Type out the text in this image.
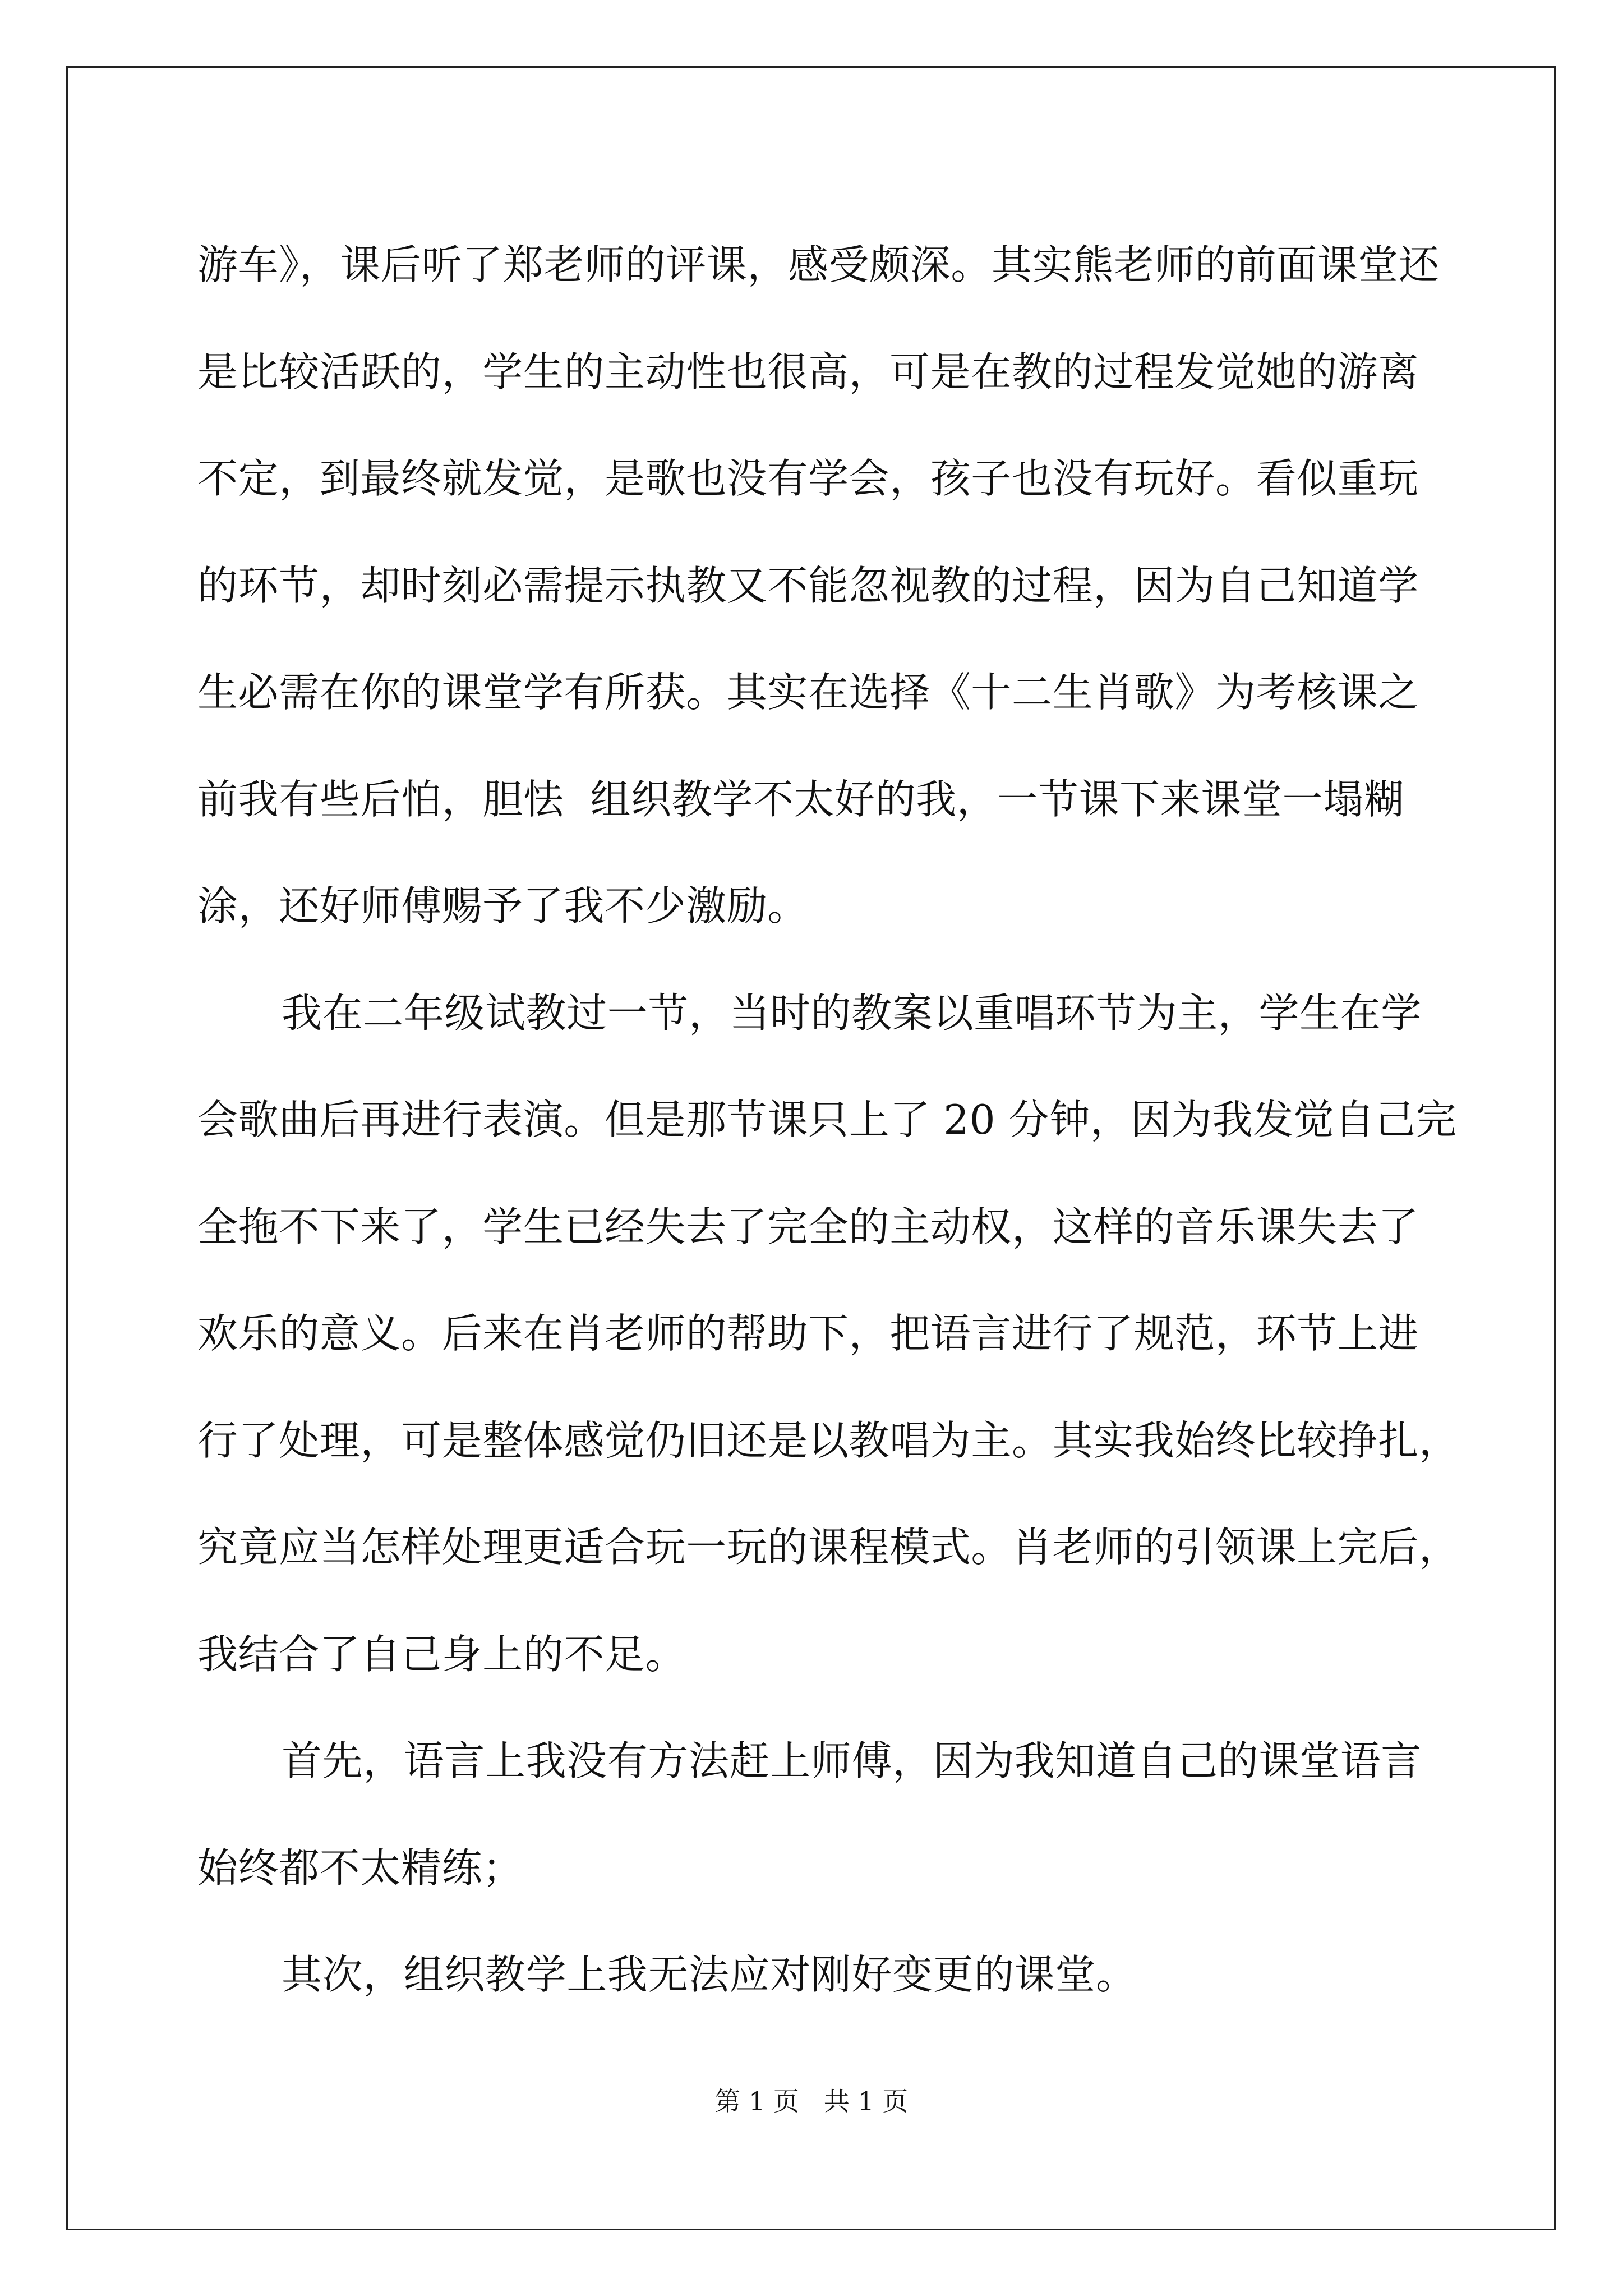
游车》，课后听了郑老师的评课，感受颇深。其实熊老师的前面课堂还
是比较活跃的，学生的主动性也很高，可是在教的过程发觉她的游离
不定，到最终就发觉，是歌也没有学会，孩子也没有玩好。看似重玩
的环节，却时刻必需提示执教又不能忽视教的过程，因为自己知道学
生必需在你的课堂学有所获。其实在选择《十二生肖歌》为考核课之
前我有些后怕，胆怯  组织教学不太好的我，一节课下来课堂一塌糊
涂，还好师傅赐予了我不少激励。
我在二年级试教过一节，当时的教案以重唱环节为主，学生在学
会歌曲后再进行表演。但是那节课只上了 20 分钟，因为我发觉自己完
全拖不下来了，学生已经失去了完全的主动权，这样的音乐课失去了
欢乐的意义。后来在肖老师的帮助下，把语言进行了规范，环节上进
行了处理，可是整体感觉仍旧还是以教唱为主。其实我始终比较挣扎，
究竟应当怎样处理更适合玩一玩的课程模式。肖老师的引领课上完后，
我结合了自己身上的不足。
首先，语言上我没有方法赶上师傅，因为我知道自己的课堂语言
始终都不太精练；
其次，组织教学上我无法应对刚好变更的课堂。
第 1 页   共 1 页
